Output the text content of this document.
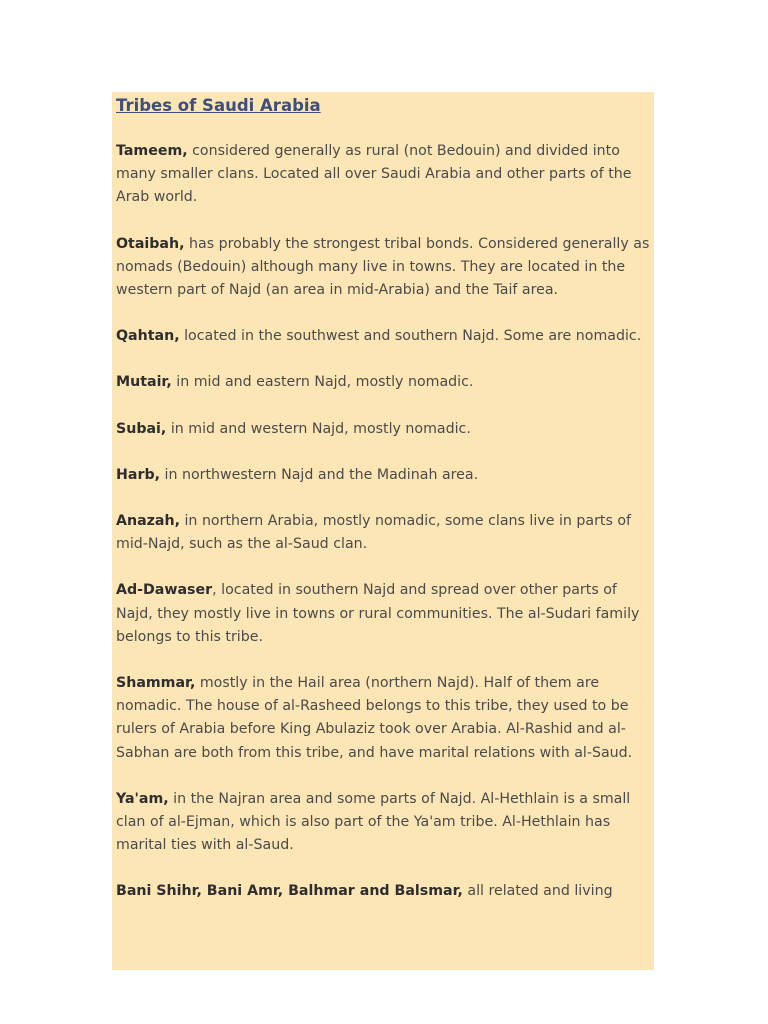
Tribes of Saudi Arabia

Tameem, considered generally as rural (not Bedouin) and divided into many smaller clans. Located all over Saudi Arabia and other parts of the Arab world.

Otaibah, has probably the strongest tribal bonds. Considered generally as nomads (Bedouin) although many live in towns. They are located in the western part of Najd (an area in mid-Arabia) and the Taif area.

Qahtan, located in the southwest and southern Najd. Some are nomadic.

Mutair, in mid and eastern Najd, mostly nomadic.

Subai, in mid and western Najd, mostly nomadic.

Harb, in northwestern Najd and the Madinah area.

Anazah, in northern Arabia, mostly nomadic, some clans live in parts of mid-Najd, such as the al-Saud clan.

Ad-Dawaser, located in southern Najd and spread over other parts of Najd, they mostly live in towns or rural communities. The al-Sudari family belongs to this tribe.

Shammar, mostly in the Hail area (northern Najd). Half of them are nomadic. The house of al-Rasheed belongs to this tribe, they used to be rulers of Arabia before King Abulaziz took over Arabia. Al-Rashid and al-Sabhan are both from this tribe, and have marital relations with al-Saud.

Ya'am, in the Najran area and some parts of Najd. Al-Hethlain is a small clan of al-Ejman, which is also part of the Ya'am tribe. Al-Hethlain has marital ties with al-Saud.

Bani Shihr, Bani Amr, Balhmar and Balsmar, all related and living
